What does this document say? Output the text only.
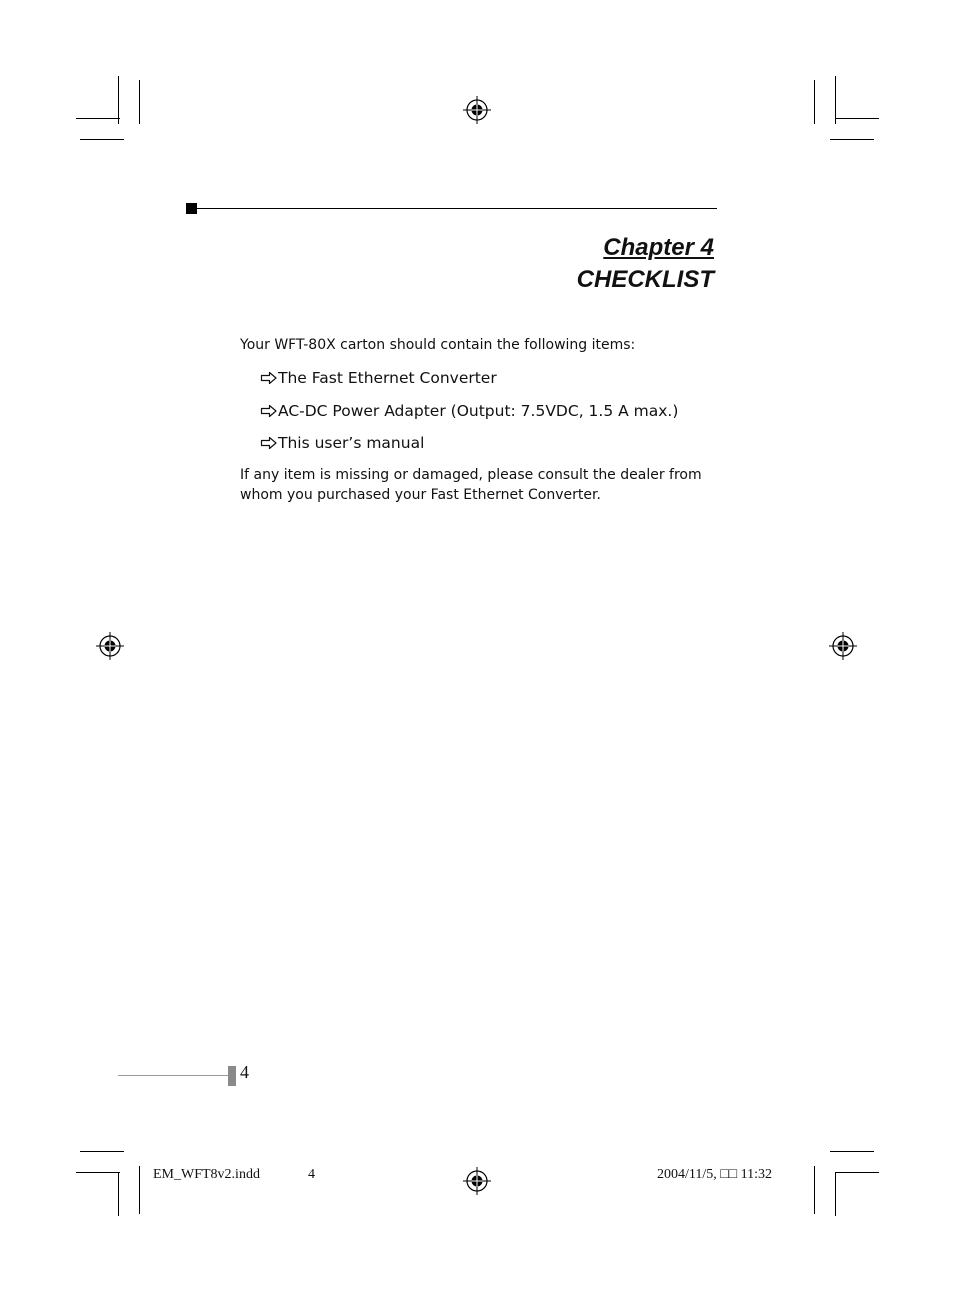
Chapter 4
CHECKLIST
Your WFT-80X carton should contain the following items:
The Fast Ethernet Converter
AC-DC Power Adapter (Output: 7.5VDC, 1.5 A max.)
This user’s manual
If any item is missing or damaged, please consult the dealer from whom you purchased your Fast Ethernet Converter.
4
EM_WFT8v2.indd	4	2004/11/5, □□ 11:32
